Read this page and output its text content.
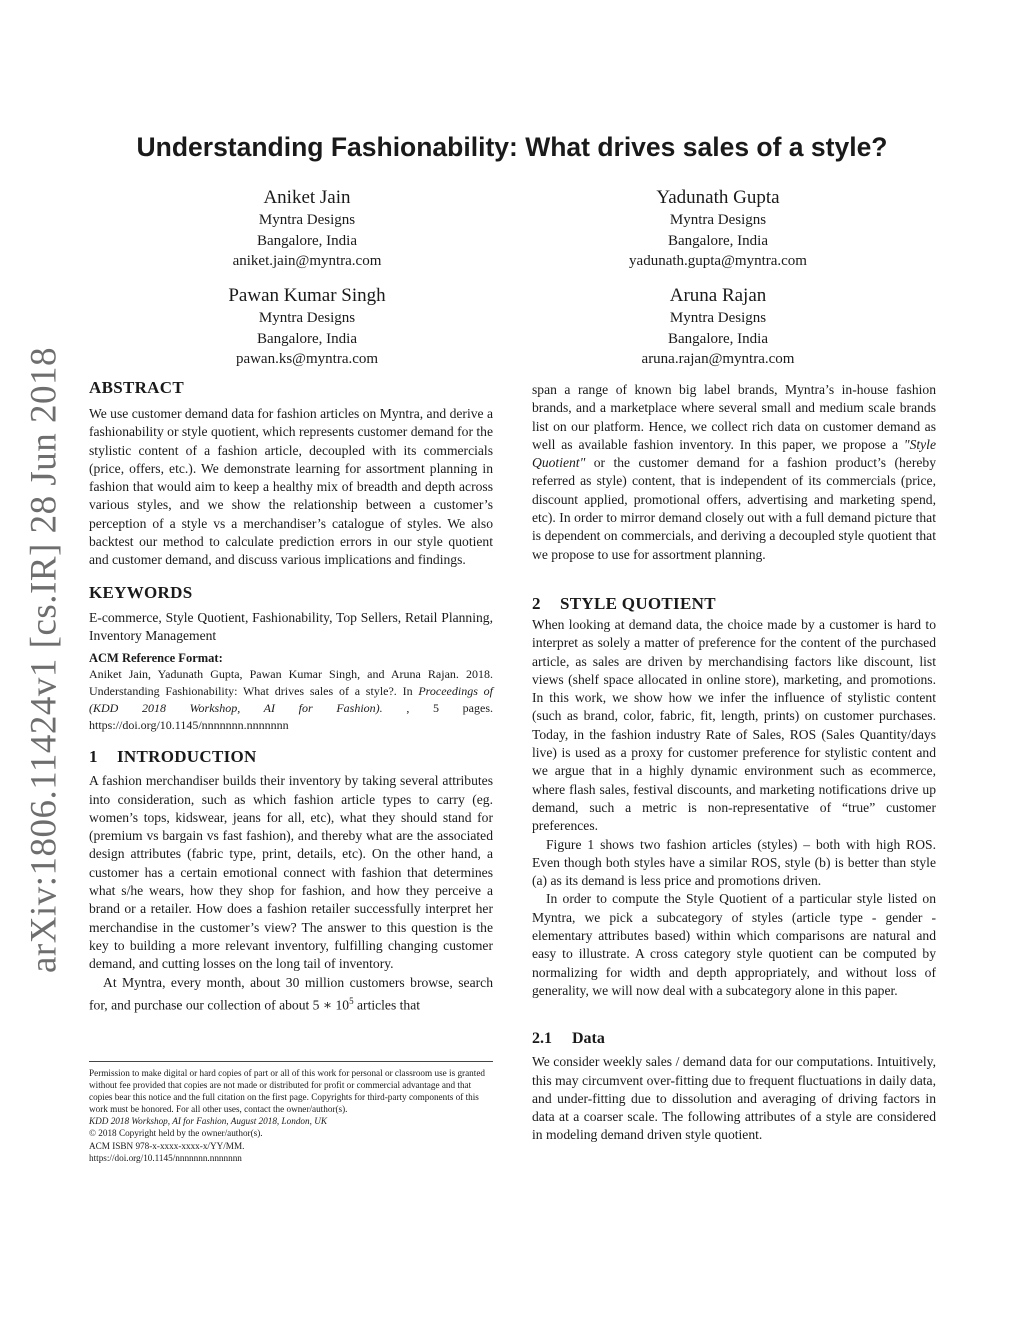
arXiv:1806.11424v1 [cs.IR] 28 Jun 2018
Understanding Fashionability: What drives sales of a style?
Aniket Jain
Myntra Designs
Bangalore, India
aniket.jain@myntra.com
Yadunath Gupta
Myntra Designs
Bangalore, India
yadunath.gupta@myntra.com
Pawan Kumar Singh
Myntra Designs
Bangalore, India
pawan.ks@myntra.com
Aruna Rajan
Myntra Designs
Bangalore, India
aruna.rajan@myntra.com
ABSTRACT

We use customer demand data for fashion articles on Myntra, and derive a fashionability or style quotient, which represents customer demand for the stylistic content of a fashion article, decoupled with its commercials (price, offers, etc.). We demonstrate learning for assortment planning in fashion that would aim to keep a healthy mix of breadth and depth across various styles, and we show the relationship between a customer’s perception of a style vs a merchandiser’s catalogue of styles. We also backtest our method to calculate prediction errors in our style quotient and customer demand, and discuss various implications and findings.

KEYWORDS

E-commerce, Style Quotient, Fashionability, Top Sellers, Retail Planning, Inventory Management

ACM Reference Format:

Aniket Jain, Yadunath Gupta, Pawan Kumar Singh, and Aruna Rajan. 2018. Understanding Fashionability: What drives sales of a style?. In Proceedings of (KDD 2018 Workshop, AI for Fashion). , 5 pages. https://doi.org/10.1145/nnnnnnn.nnnnnnn

1 INTRODUCTION

A fashion merchandiser builds their inventory by taking several attributes into consideration, such as which fashion article types to carry (eg. women’s tops, kidswear, jeans for all, etc), what they should stand for (premium vs bargain vs fast fashion), and thereby what are the associated design attributes (fabric type, print, details, etc). On the other hand, a customer has a certain emotional connect with fashion that determines what s/he wears, how they shop for fashion, and how they perceive a brand or a retailer. How does a fashion retailer successfully interpret her merchandise in the customer’s view? The answer to this question is the key to building a more relevant inventory, fulfilling changing customer demand, and cutting losses on the long tail of inventory.

At Myntra, every month, about 30 million customers browse, search for, and purchase our collection of about 5 ∗ $10^5$ articles that

Permission to make digital or hard copies of part or all of this work for personal or classroom use is granted without fee provided that copies are not made or distributed for profit or commercial advantage and that copies bear this notice and the full citation on the first page. Copyrights for third-party components of this work must be honored. For all other uses, contact the owner/author(s).

KDD 2018 Workshop, AI for Fashion, August 2018, London, UK

© 2018 Copyright held by the owner/author(s).

ACM ISBN 978-x-xxxx-xxxx-x/YY/MM.

https://doi.org/10.1145/nnnnnnn.nnnnnnn

span a range of known big label brands, Myntra’s in-house fashion brands, and a marketplace where several small and medium scale brands list on our platform. Hence, we collect rich data on customer demand as well as available fashion inventory. In this paper, we propose a "Style Quotient" or the customer demand for a fashion product’s (hereby referred as style) content, that is independent of its commercials (price, discount applied, promotional offers, advertising and marketing spend, etc). In order to mirror demand closely out with a full demand picture that is dependent on commercials, and deriving a decoupled style quotient that we propose to use for assortment planning.

2 STYLE QUOTIENT

When looking at demand data, the choice made by a customer is hard to interpret as solely a matter of preference for the content of the purchased article, as sales are driven by merchandising factors like discount, list views (shelf space allocated in online store), marketing, and promotions. In this work, we show how we infer the influence of stylistic content (such as brand, color, fabric, fit, length, prints) on customer purchases. Today, in the fashion industry Rate of Sales, ROS (Sales Quantity/days live) is used as a proxy for customer preference for stylistic content and we argue that in a highly dynamic environment such as ecommerce, where flash sales, festival discounts, and marketing notifications drive up demand, such a metric is non-representative of “true” customer preferences.

Figure 1 shows two fashion articles (styles) – both with high ROS. Even though both styles have a similar ROS, style (b) is better than style (a) as its demand is less price and promotions driven.

In order to compute the Style Quotient of a particular style listed on Myntra, we pick a subcategory of styles (article type - gender - elementary attributes based) within which comparisons are natural and easy to illustrate. A cross category style quotient can be computed by normalizing for width and depth appropriately, and without loss of generality, we will now deal with a subcategory alone in this paper.

2.1 Data

We consider weekly sales / demand data for our computations. Intuitively, this may circumvent over-fitting due to frequent fluctuations in daily data, and under-fitting due to dissolution and averaging of driving factors in data at a coarser scale. The following attributes of a style are considered in modeling demand driven style quotient.
